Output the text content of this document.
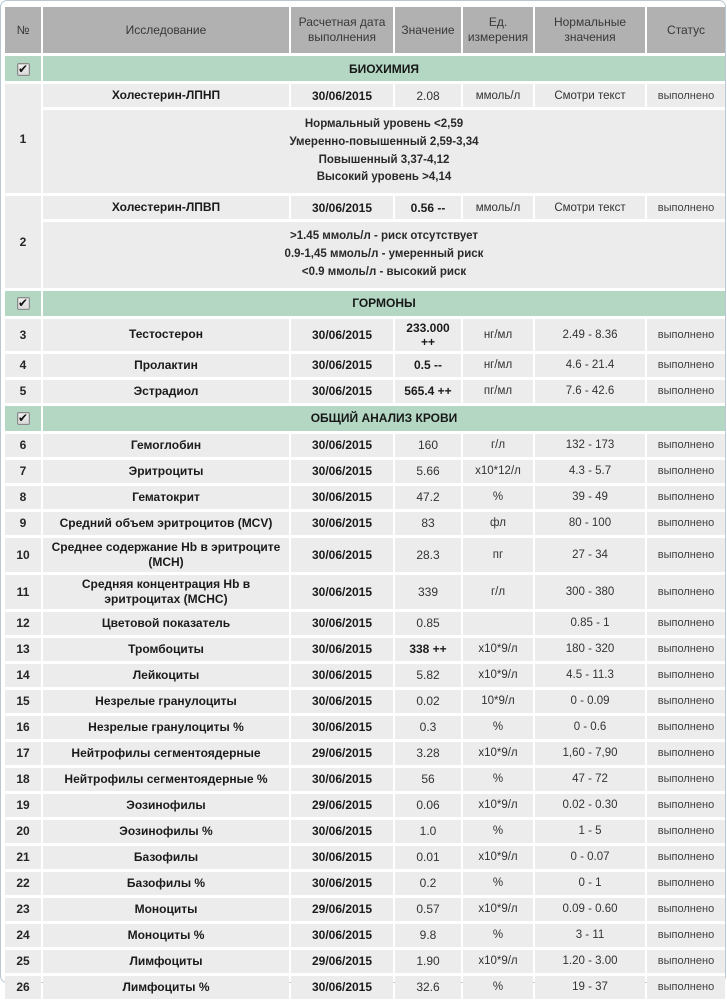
№	Исследование	Расчетная дата выполнения	Значение	Ед. измерения	Нормальные значения	Статус
✔	БИОХИМИЯ					
1	Холестерин-ЛПНП	30/06/2015	2.08	ммоль/л	Смотри текст	выполнено

	Нормальный уровень <2,59
Умеренно-повышенный 2,59-3,34
Повышенный 3,37-4,12
Высокий уровень >4,14					

2	Холестерин-ЛПВП	30/06/2015	0.56 --	ммоль/л	Смотри текст	выполнено

	>1.45 ммоль/л - риск отсутствует
0.9-1,45 ммоль/л - умеренный риск
<0.9 ммоль/л - высокий риск					

✔	ГОРМОНЫ					
3	Тестостерон	30/06/2015	233.000 ++	нг/мл	2.49 - 8.36	выполнено
4	Пролактин	30/06/2015	0.5 --	нг/мл	4.6 - 21.4	выполнено
5	Эстрадиол	30/06/2015	565.4 ++	пг/мл	7.6 - 42.6	выполнено
✔	ОБЩИЙ АНАЛИЗ КРОВИ					
6	Гемоглобин	30/06/2015	160	г/л	132 - 173	выполнено
7	Эритроциты	30/06/2015	5.66	х10*12/л	4.3 - 5.7	выполнено
8	Гематокрит	30/06/2015	47.2	%	39 - 49	выполнено
9	Средний объем эритроцитов (MCV)	30/06/2015	83	фл	80 - 100	выполнено
10	Среднее содержание Hb в эритроците (MCH)	30/06/2015	28.3	пг	27 - 34	выполнено
11	Средняя концентрация Hb в эритроцитах (MCHC)	30/06/2015	339	г/л	300 - 380	выполнено
12	Цветовой показатель	30/06/2015	0.85		0.85 - 1	выполнено
13	Тромбоциты	30/06/2015	338 ++	х10*9/л	180 - 320	выполнено
14	Лейкоциты	30/06/2015	5.82	х10*9/л	4.5 - 11.3	выполнено
15	Незрелые гранулоциты	30/06/2015	0.02	10*9/л	0 - 0.09	выполнено
16	Незрелые гранулоциты %	30/06/2015	0.3	%	0 - 0.6	выполнено
17	Нейтрофилы сегментоядерные	29/06/2015	3.28	х10*9/л	1,60 - 7,90	выполнено
18	Нейтрофилы сегментоядерные %	30/06/2015	56	%	47 - 72	выполнено
19	Эозинофилы	29/06/2015	0.06	х10*9/л	0.02 - 0.30	выполнено
20	Эозинофилы %	30/06/2015	1.0	%	1 - 5	выполнено
21	Базофилы	30/06/2015	0.01	х10*9/л	0 - 0.07	выполнено
22	Базофилы %	30/06/2015	0.2	%	0 - 1	выполнено
23	Моноциты	29/06/2015	0.57	х10*9/л	0.09 - 0.60	выполнено
24	Моноциты %	30/06/2015	9.8	%	3 - 11	выполнено
25	Лимфоциты	29/06/2015	1.90	х10*9/л	1.20 - 3.00	выполнено
26	Лимфоциты %	30/06/2015	32.6	%	19 - 37	выполнено
